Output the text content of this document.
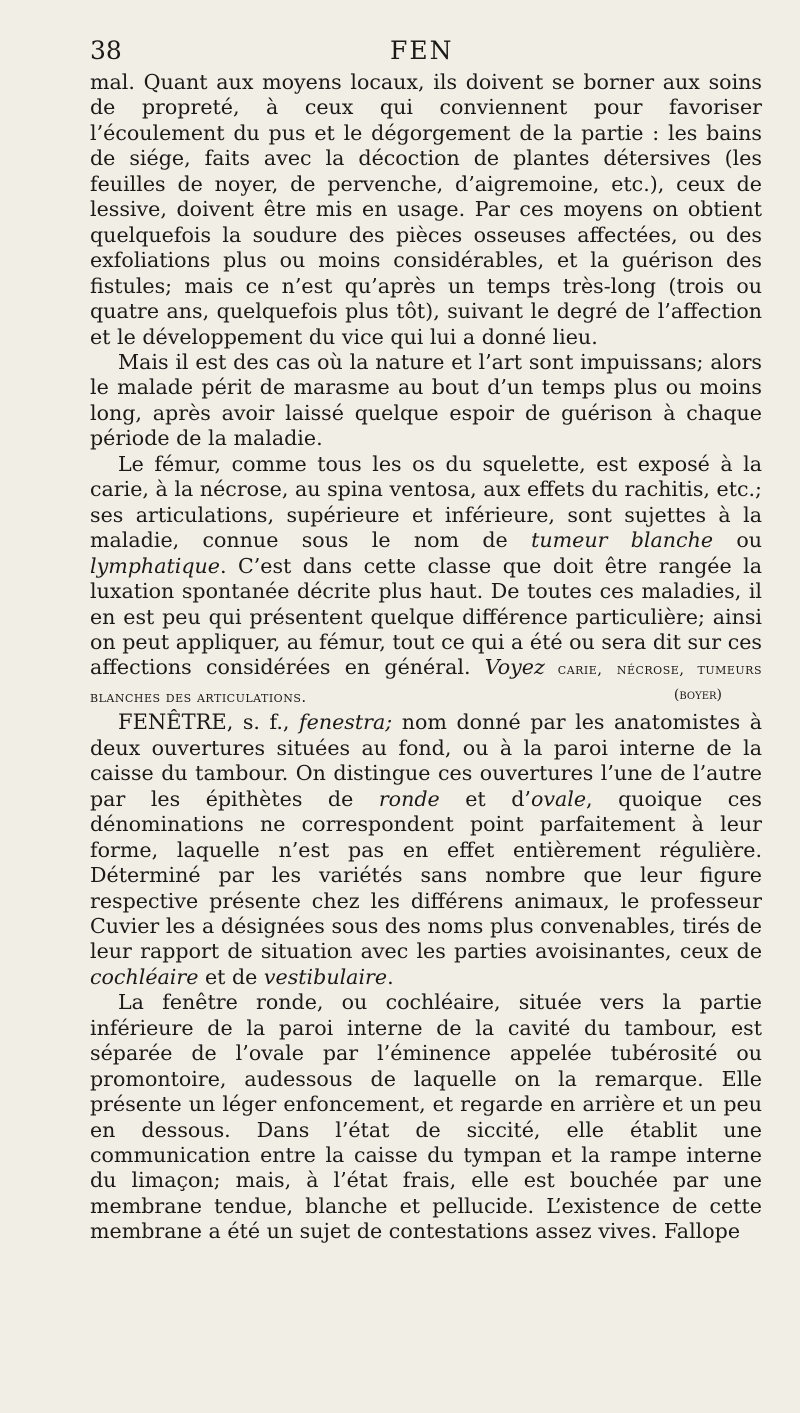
38	FEN

mal. Quant aux moyens locaux, ils doivent se borner aux soins de propreté, à ceux qui conviennent pour favoriser l’écoulement du pus et le dégorgement de la partie : les bains de siége, faits avec la décoction de plantes détersives (les feuilles de noyer, de pervenche, d’aigremoine, etc.), ceux de lessive, doivent être mis en usage. Par ces moyens on obtient quelquefois la soudure des pièces osseuses affectées, ou des exfoliations plus ou moins considérables, et la guérison des fistules; mais ce n’est qu’après un temps très-long (trois ou quatre ans, quelquefois plus tôt), suivant le degré de l’affection et le développement du vice qui lui a donné lieu.

Mais il est des cas où la nature et l’art sont impuissans; alors le malade périt de marasme au bout d’un temps plus ou moins long, après avoir laissé quelque espoir de guérison à chaque période de la maladie.

Le fémur, comme tous les os du squelette, est exposé à la carie, à la nécrose, au spina ventosa, aux effets du rachitis, etc.; ses articulations, supérieure et inférieure, sont sujettes à la maladie, connue sous le nom de tumeur blanche ou lymphatique. C’est dans cette classe que doit être rangée la luxation spontanée décrite plus haut. De toutes ces maladies, il en est peu qui présentent quelque différence particulière; ainsi on peut appliquer, au fémur, tout ce qui a été ou sera dit sur ces affections considérées en général. Voyez carie, nécrose, tumeurs blanches des articulations.	(boyer)

FENÊTRE, s. f., fenestra; nom donné par les anatomistes à deux ouvertures situées au fond, ou à la paroi interne de la caisse du tambour. On distingue ces ouvertures l’une de l’autre par les épithètes de ronde et d’ovale, quoique ces dénominations ne correspondent point parfaitement à leur forme, laquelle n’est pas en effet entièrement régulière. Déterminé par les variétés sans nombre que leur figure respective présente chez les différens animaux, le professeur Cuvier les a désignées sous des noms plus convenables, tirés de leur rapport de situation avec les parties avoisinantes, ceux de cochléaire et de vestibulaire.

La fenêtre ronde, ou cochléaire, située vers la partie inférieure de la paroi interne de la cavité du tambour, est séparée de l’ovale par l’éminence appelée tubérosité ou promontoire, audessous de laquelle on la remarque. Elle présente un léger enfoncement, et regarde en arrière et un peu en dessous. Dans l’état de siccité, elle établit une communication entre la caisse du tympan et la rampe interne du limaçon; mais, à l’état frais, elle est bouchée par une membrane tendue, blanche et pellucide. L’existence de cette membrane a été un sujet de contestations assez vives. Fallope
